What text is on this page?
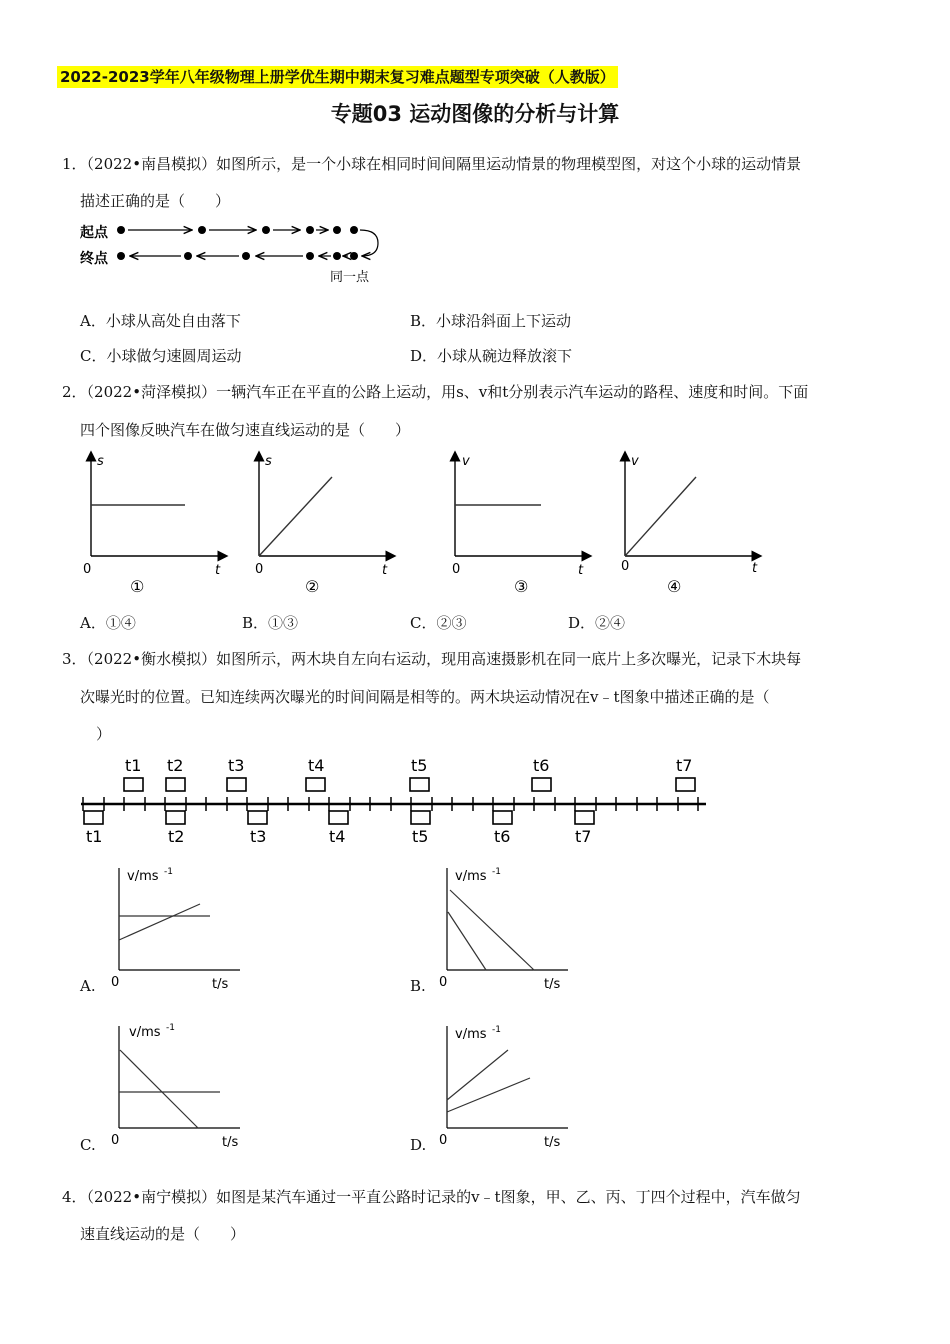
2022-2023学年八年级物理上册学优生期中期末复习难点题型专项突破（人教版）
专题03 运动图像的分析与计算
1．（2022•南昌模拟）如图所示，是一个小球在相同时间间隔里运动情景的物理模型图，对这个小球的运动情景
描述正确的是（　　）
起点
终点
同一点
A．小球从高处自由落下	B．小球沿斜面上下运动
C．小球做匀速圆周运动	D．小球从碗边释放滚下
2．（2022•菏泽模拟）一辆汽车正在平直的公路上运动，用s、v和t分别表示汽车运动的路程、速度和时间。下面
四个图像反映汽车在做匀速直线运动的是（　　）
s
t
0
①
s
t
0
②
v
t
0
③
v
t
0
④
A．①④	B．①③	C．②③	D．②④
3．（2022•衡水模拟）如图所示，两木块自左向右运动，现用高速摄影机在同一底片上多次曝光，记录下木块每
次曝光时的位置。已知连续两次曝光的时间间隔是相等的。两木块运动情况在v﹣t图象中描述正确的是（
）
t1 t2	t3	t4	t5	t6	t7
t1	t2	t3	t4	t5	t6	t7
v/ms -1
t/s
0
A.
v/ms -1
t/s
0
B.
v/ms -1
t/s
0
C.
v/ms -1
t/s
0
D.
4．（2022•南宁模拟）如图是某汽车通过一平直公路时记录的v﹣t图象，甲、乙、丙、丁四个过程中，汽车做匀
速直线运动的是（　　）
